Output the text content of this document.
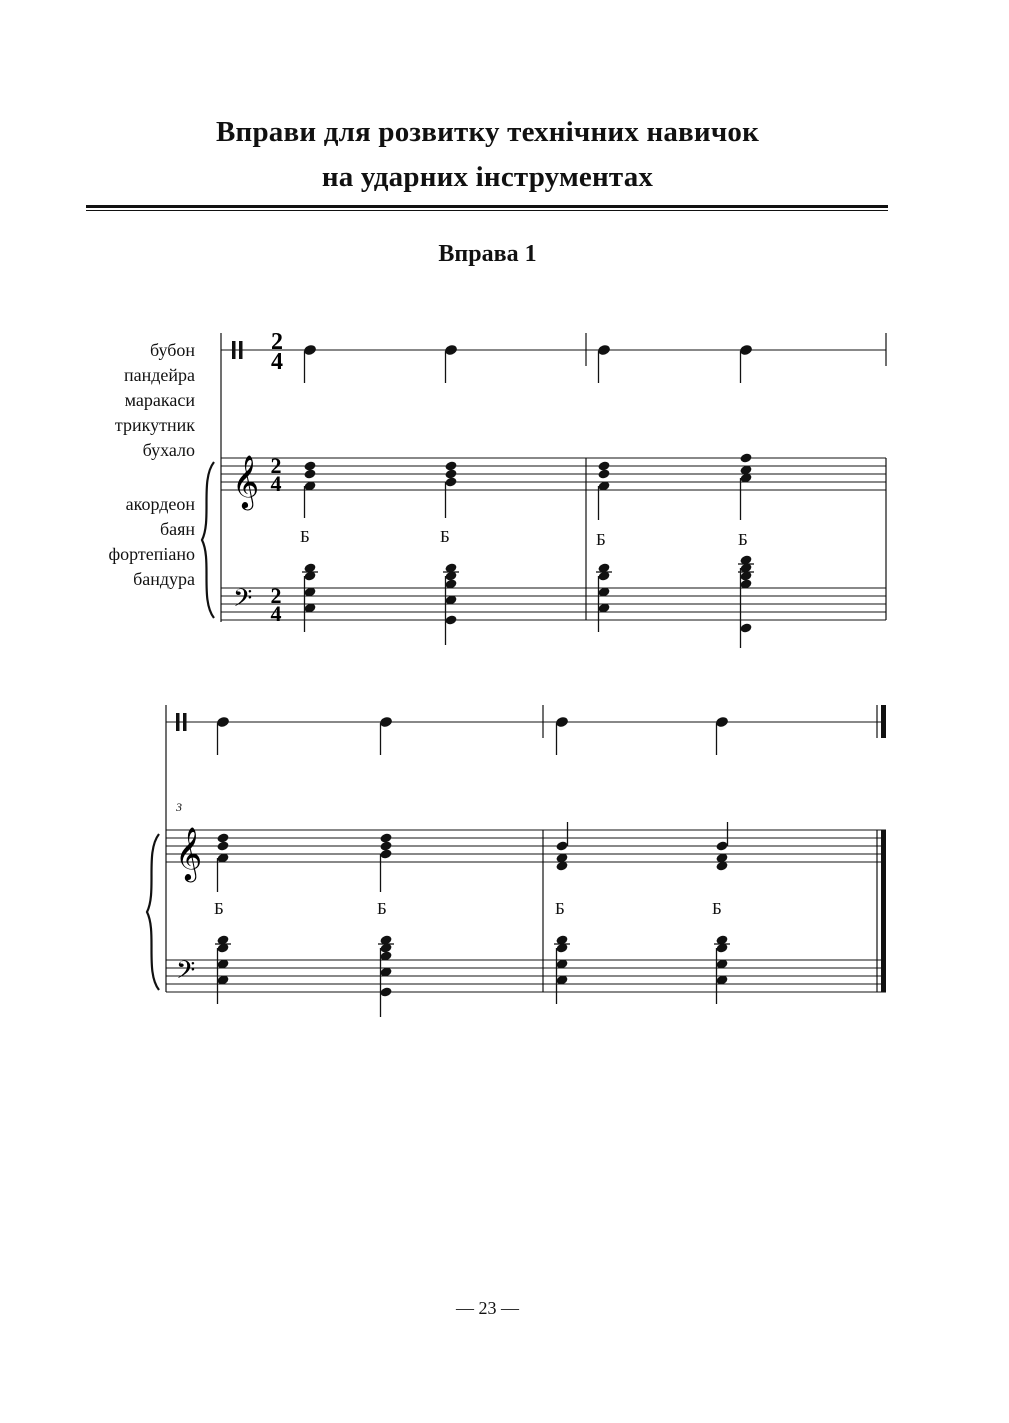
Вправи для розвитку технічних навичок
на ударних інструментах
Вправа 1
бубон
пандейра
маракаси
трикутник
бухало
акордеон
баян
фортепіано
бандура
Б	Б	Б	Б
Б	Б	Б	Б
3
2
4
𝄞
𝄢
2
4
2
4
𝄞
𝄢
— 23 —
